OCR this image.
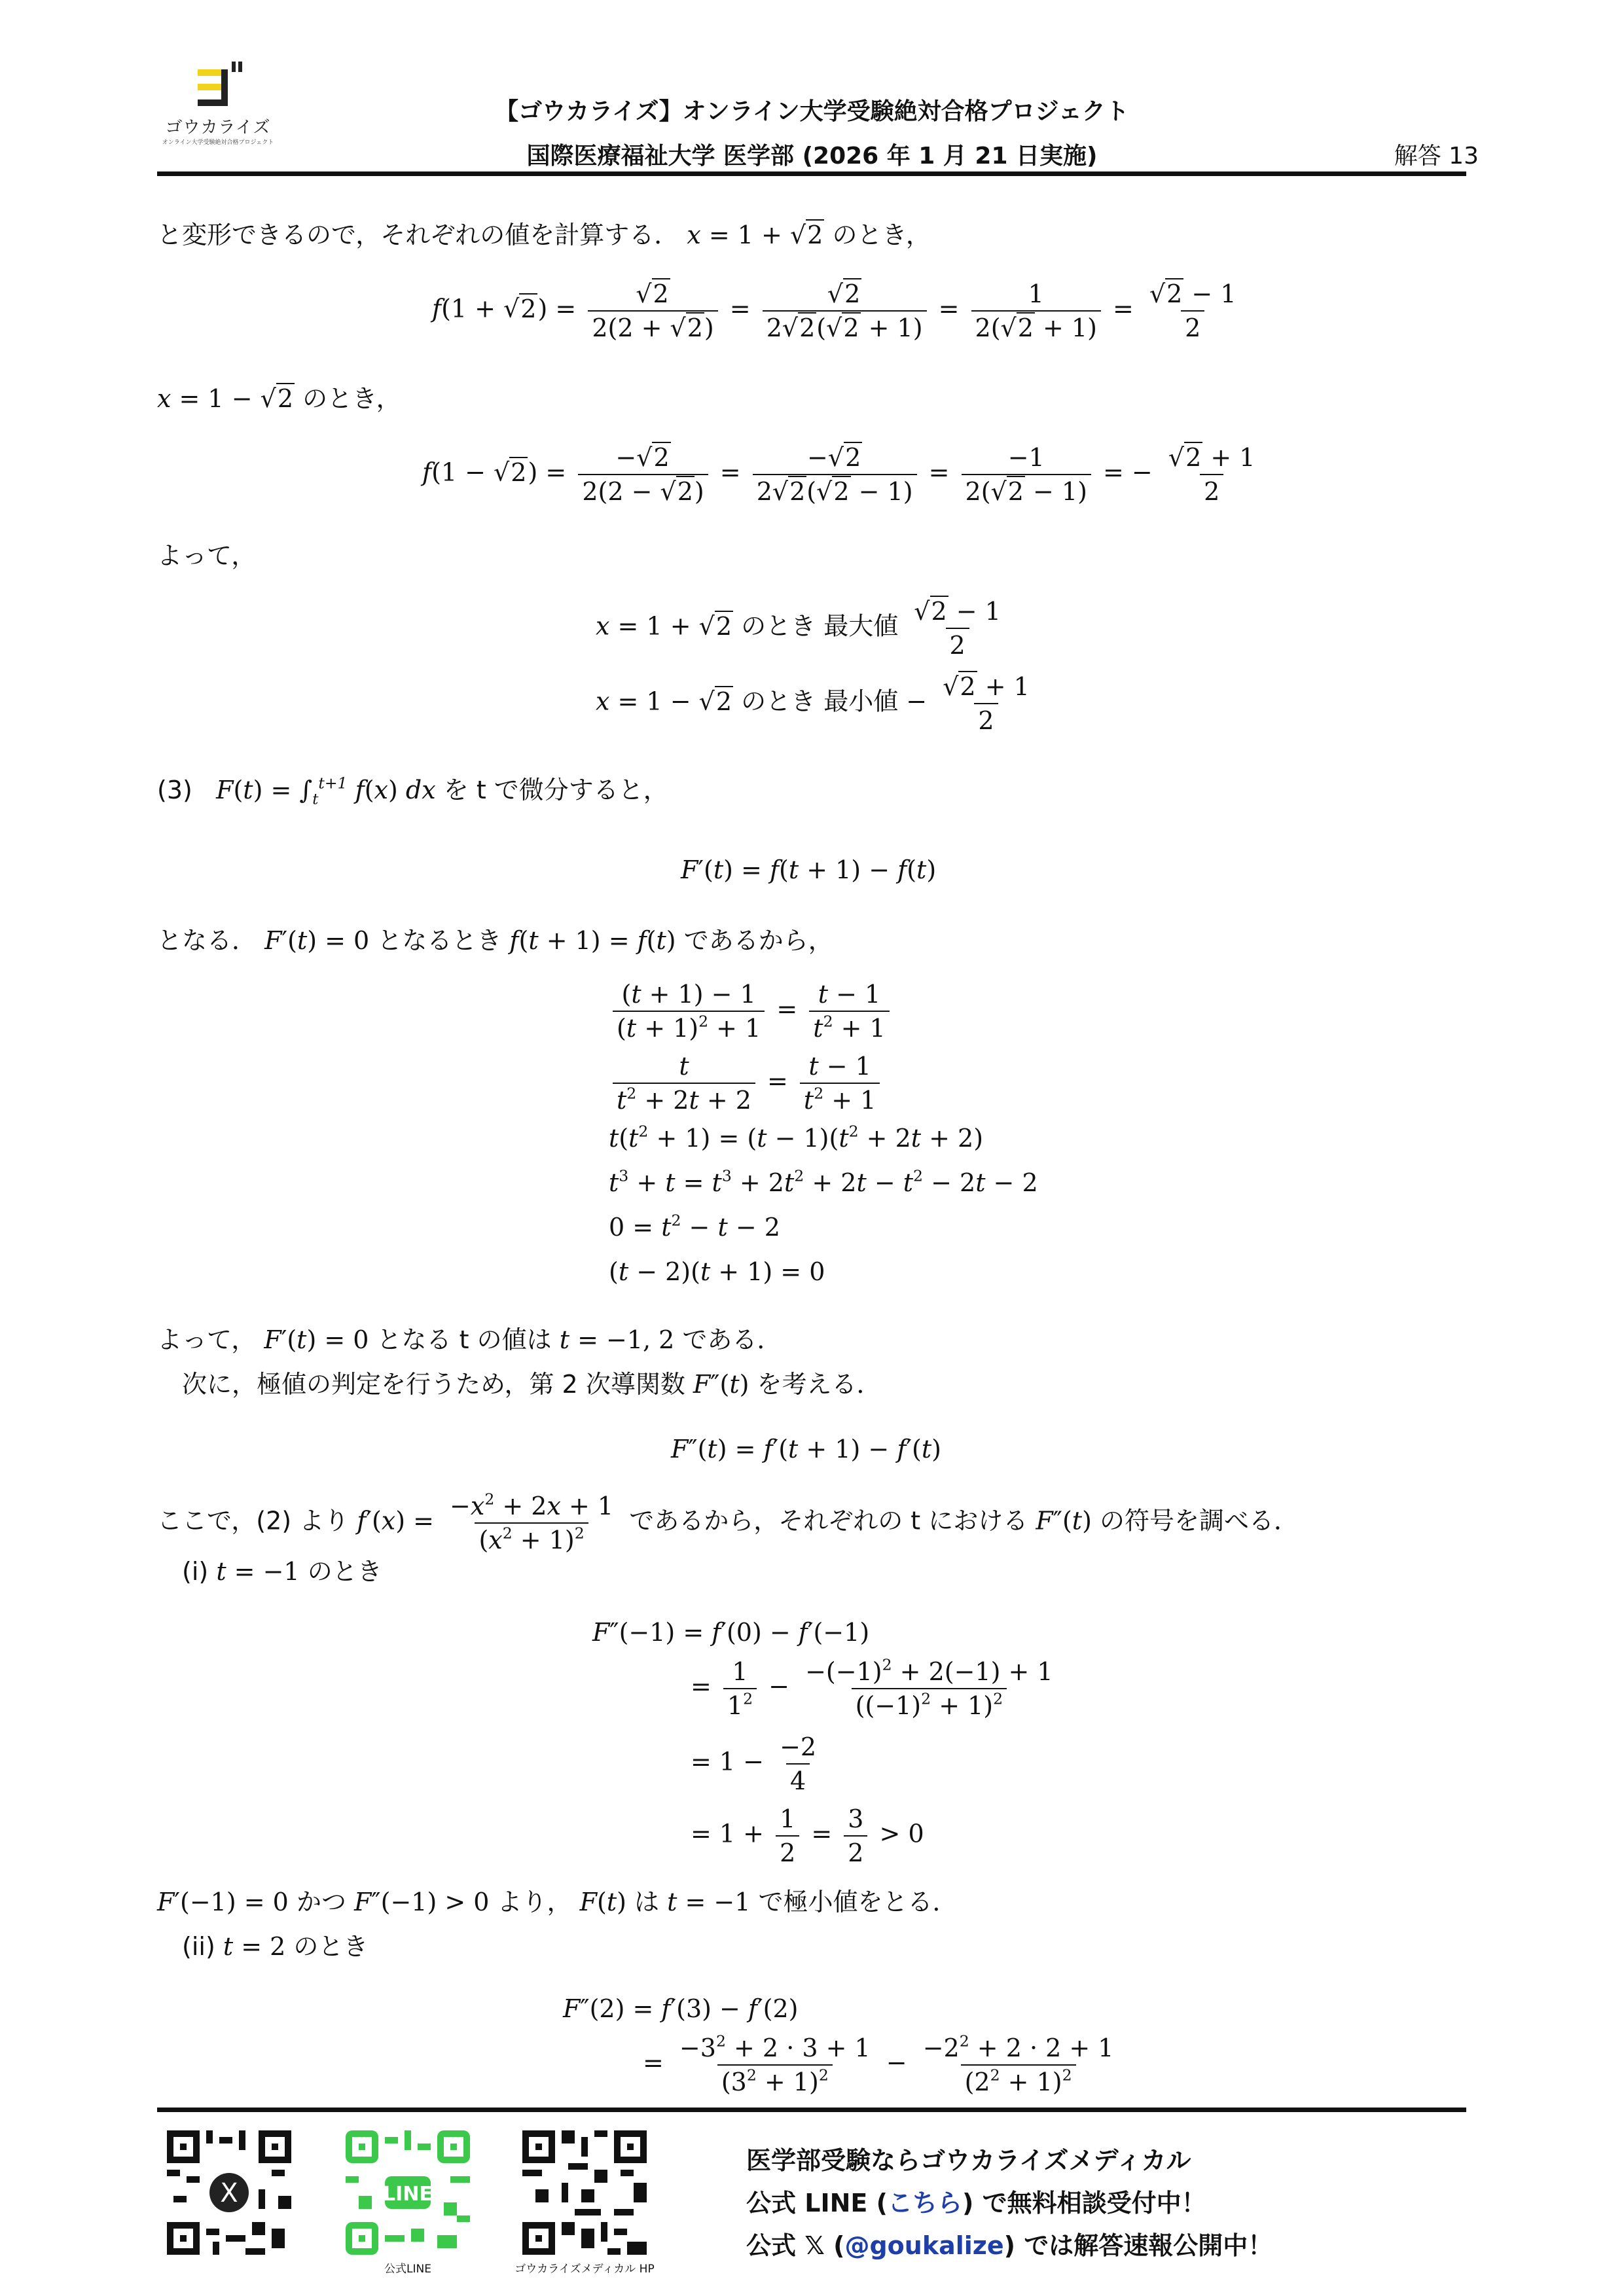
ゴウカライズ
オンライン大学受験絶対合格プロジェクト
【ゴウカライズ】オンライン大学受験絶対合格プロジェクト
国際医療福祉大学 医学部 (2026 年 1 月 21 日実施)	解答 13
と変形できるので，それぞれの値を計算する． x = 1 + √2 のとき，
$f(1 + √2) = \frac{√2}{2(2 + √2)} = \frac{√2}{2√2(√2 + 1)} = \frac{1}{2(√2 + 1)} = \frac{√2 - 1}{2}$
x = 1 − √2 のとき，
$f(1 - √2) = \frac{-√2}{2(2 - √2)} = \frac{-√2}{2√2(√2 - 1)} = \frac{-1}{2(√2 - 1)}$ = − $\frac{√2 + 1}{2}$
よって，
x = 1 + √2 のとき 最大値 $\frac{√2 - 1}{2}$
x = 1 − √2 のとき 最小値 − $\frac{√2 + 1}{2}$
(3) $F(t) = \int_t^{t+1}$ f(x) dx を t で微分すると，
F′(t) = f(t + 1) − f(t)
となる． F′(t) = 0 となるとき f(t + 1) = f(t) であるから，
$\frac{(t + 1) - 1}{(t + 1)^2 + 1} = \frac{t - 1}{t^2 + 1}$
$\frac{t}{t^2 + 2t + 2} = \frac{t - 1}{t^2 + 1}$
$t(t^2 + 1) = (t - 1)(t^2 + 2t + 2)$
$t^3 + t = t^3 + 2t^2 + 2t - t^2 - 2t - 2$
$0 = t^2 - t - 2$
(t − 2)(t + 1) = 0
よって， F′(t) = 0 となる t の値は t = −1, 2 である．
次に，極値の判定を行うため，第 2 次導関数 F″(t) を考える．
F″(t) = f′(t + 1) − f′(t)
ここで，(2) より $f'(x) = \frac{-x^2 + 2x + 1}{(x^2 + 1)^2}$ であるから，それぞれの t における F″(t) の符号を調べる．
(i) t = −1 のとき
F″(−1) = f′(0) − f′(−1)
= $\frac{1}{1^2} - \frac{-(-1)^2 + 2(-1) + 1}{((-1)^2 + 1)^2}$
= $1 - \frac{-2}{4}$
= $1 + \frac{1}{2} = \frac{3}{2} > 0$
F′(−1) = 0 かつ F″(−1) > 0 より， F(t) は t = −1 で極小値をとる．
(ii) t = 2 のとき
F″(2) = f′(3) − f′(2)
= $\frac{-3^2 + 2 \cdot 3 + 1}{(3^2 + 1)^2} - \frac{-2^2 + 2 \cdot 2 + 1}{(2^2 + 1)^2}$
X	LINE
公式LINE	ゴウカライズメディカル HP
医学部受験ならゴウカライズメディカル
公式 LINE (こちら) で無料相談受付中！
公式 𝕏 (@goukalize) では解答速報公開中！
